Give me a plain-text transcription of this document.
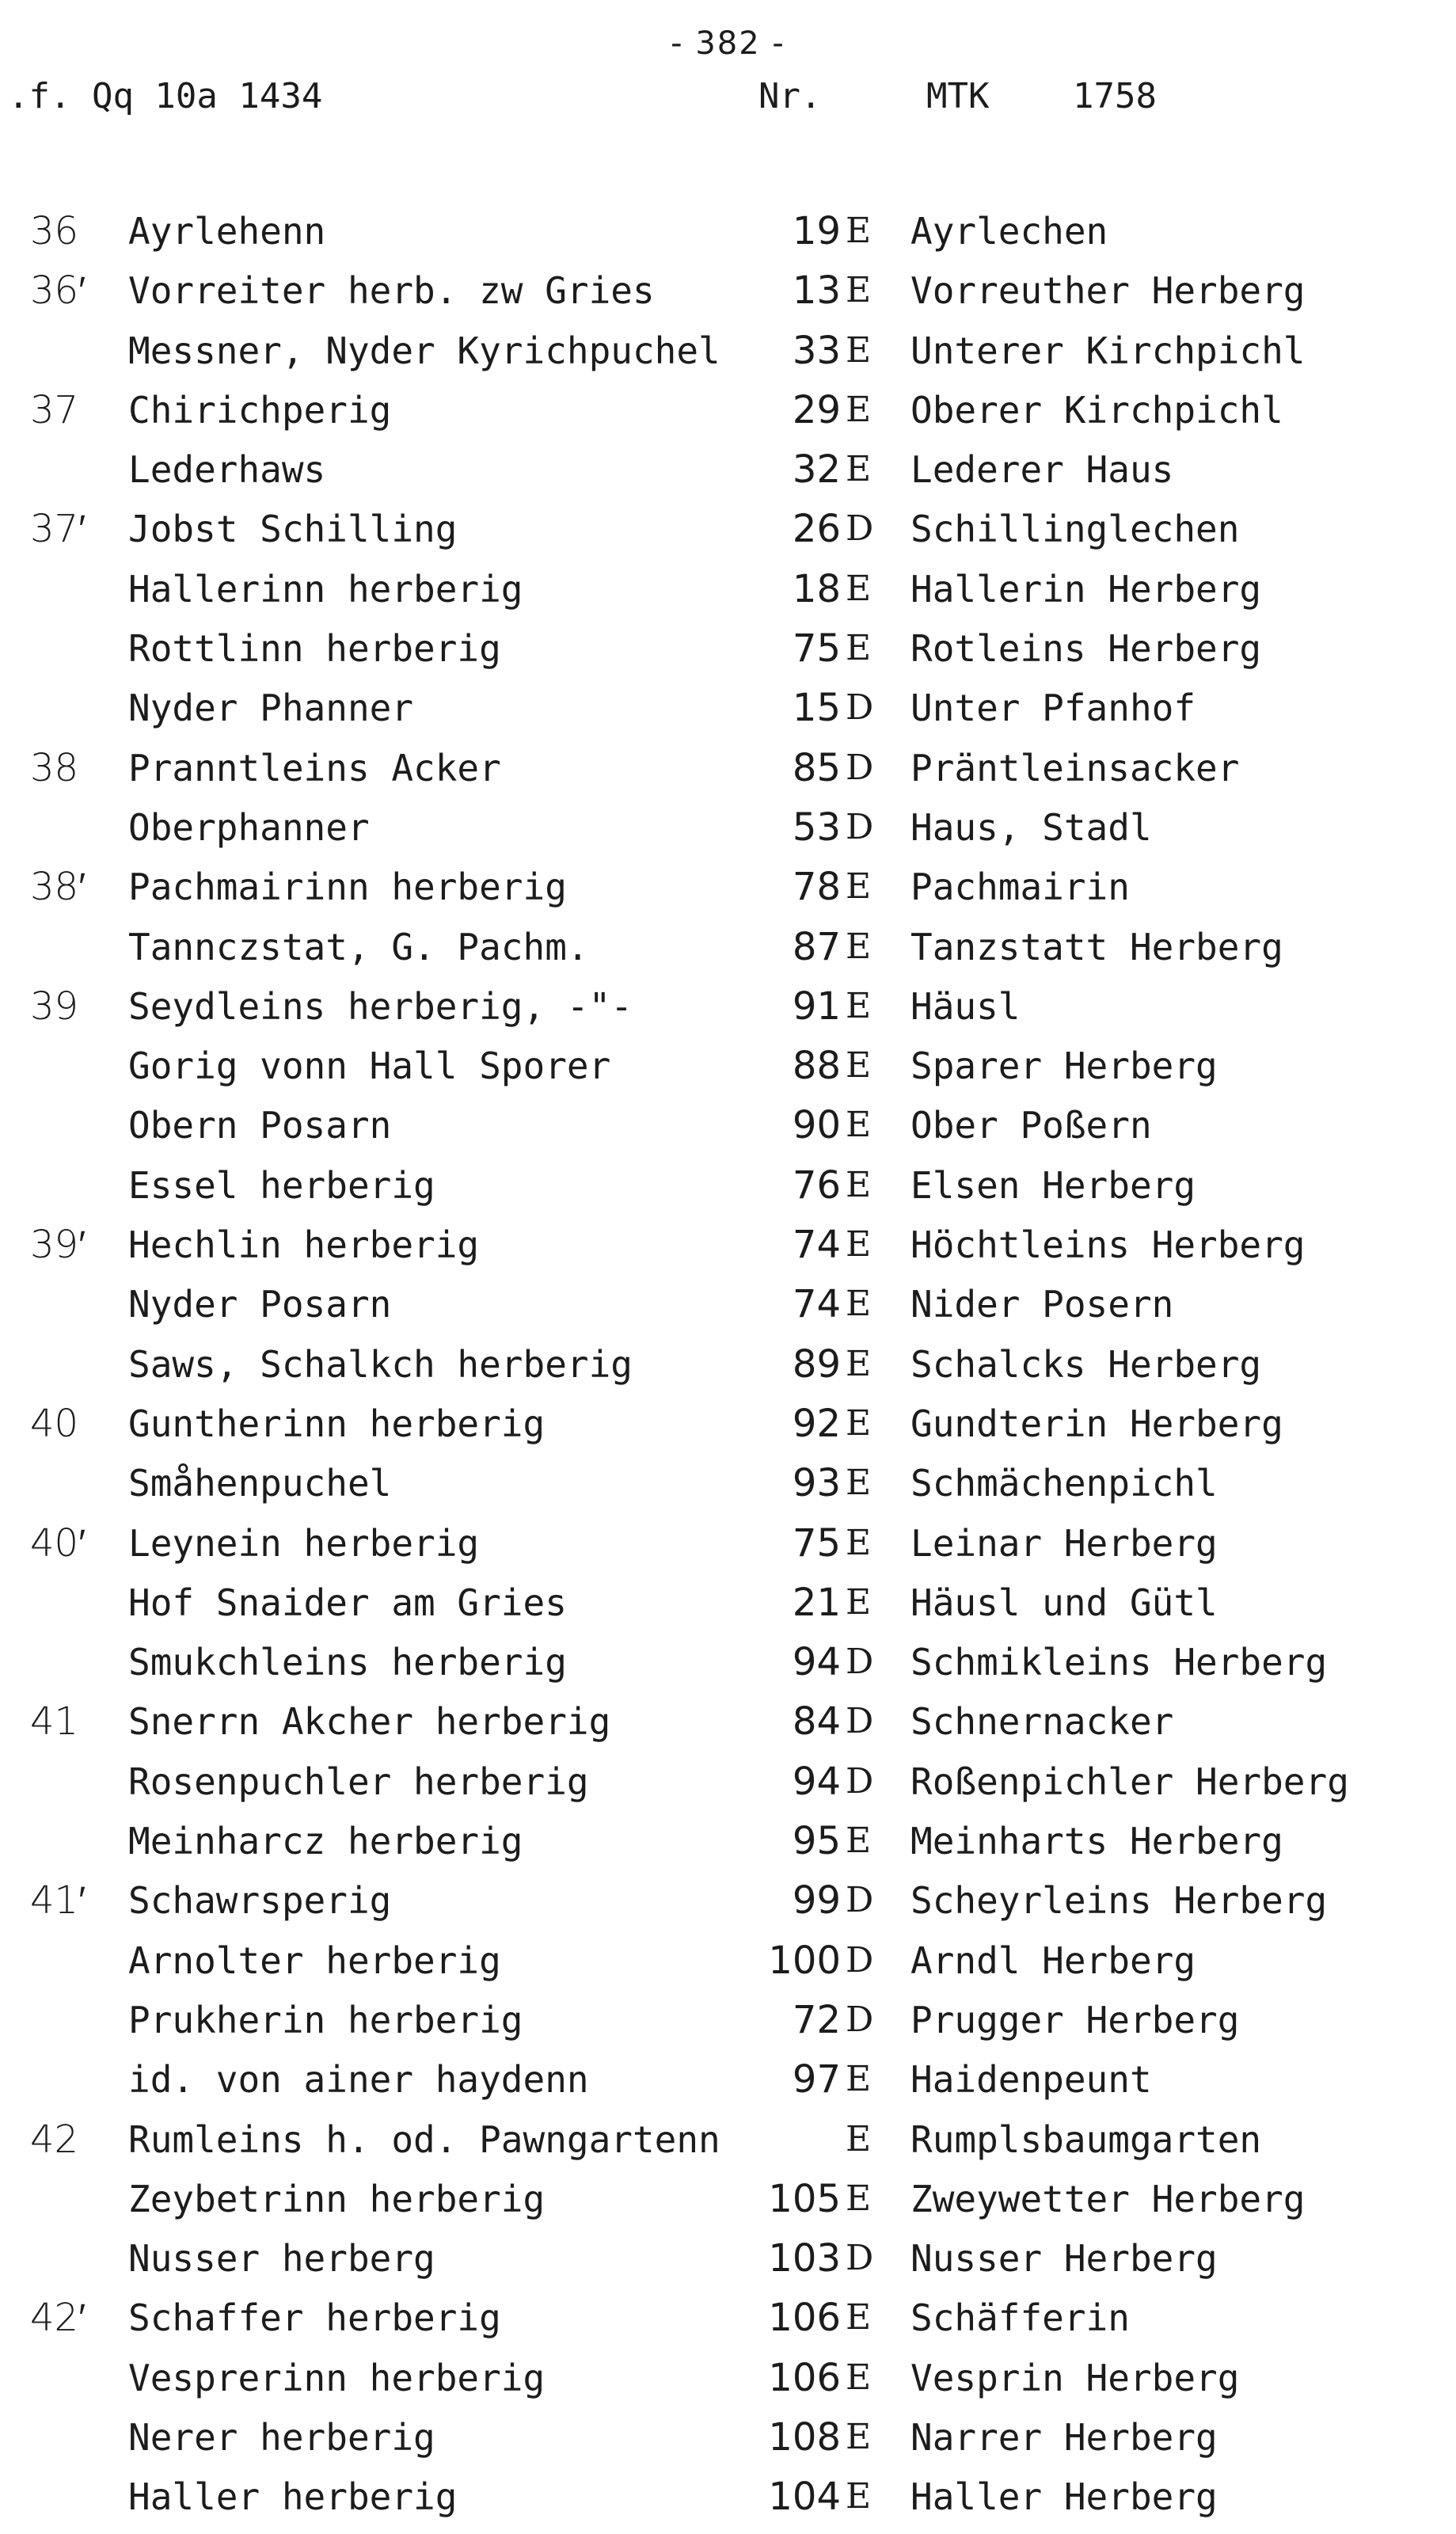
- 382 -
.f. Qq 10a 1434	Nr.	MTK 1758
36	Ayrlehenn	19 E Ayrlechen
36′	Vorreiter herb. zw Gries	13 E Vorreuther Herberg
Messner, Nyder Kyrichpuchel	33 E Unterer Kirchpichl
37	Chirichperig	29 E Oberer Kirchpichl
Lederhaws	32 E Lederer Haus
37′	Jobst Schilling	26 D Schillinglechen
Hallerinn herberig	18 E Hallerin Herberg
Rottlinn herberig	75 E Rotleins Herberg
Nyder Phanner	15 D Unter Pfanhof
38	Pranntleins Acker	85 D Präntleinsacker
Oberphanner	53 D Haus, Stadl
38′	Pachmairinn herberig	78 E Pachmairin
Tannczstat, G. Pachm.	87 E Tanzstatt Herberg
39	Seydleins herberig, -"-	91 E Häusl
Gorig vonn Hall Sporer	88 E Sparer Herberg
Obern Posarn	90 E Ober Poßern
Essel herberig	76 E Elsen Herberg
39′	Hechlin herberig	74 E Höchtleins Herberg
Nyder Posarn	74 E Nider Posern
Saws, Schalkch herberig	89 E Schalcks Herberg
40	Guntherinn herberig	92 E Gundterin Herberg
Småhenpuchel	93 E Schmächenpichl
40′	Leynein herberig	75 E Leinar Herberg
Hof Snaider am Gries	21 E Häusl und Gütl
Smukchleins herberig	94 D Schmikleins Herberg
41	Snerrn Akcher herberig	84 D Schnernacker
Rosenpuchler herberig	94 D Roßenpichler Herberg
Meinharcz herberig	95 E Meinharts Herberg
41′	Schawrsperig	99 D Scheyrleins Herberg
Arnolter herberig	100 D Arndl Herberg
Prukherin herberig	72 D Prugger Herberg
id. von ainer haydenn	97 E Haidenpeunt
42	Rumleins h. od. Pawngartenn	E Rumplsbaumgarten
Zeybetrinn herberig	105 E Zweywetter Herberg
Nusser herberg	103 D Nusser Herberg
42′	Schaffer herberig	106 E Schäfferin
Vesprerinn herberig	106 E Vesprin Herberg
Nerer herberig	108 E Narrer Herberg
Haller herberig	104 E Haller Herberg
